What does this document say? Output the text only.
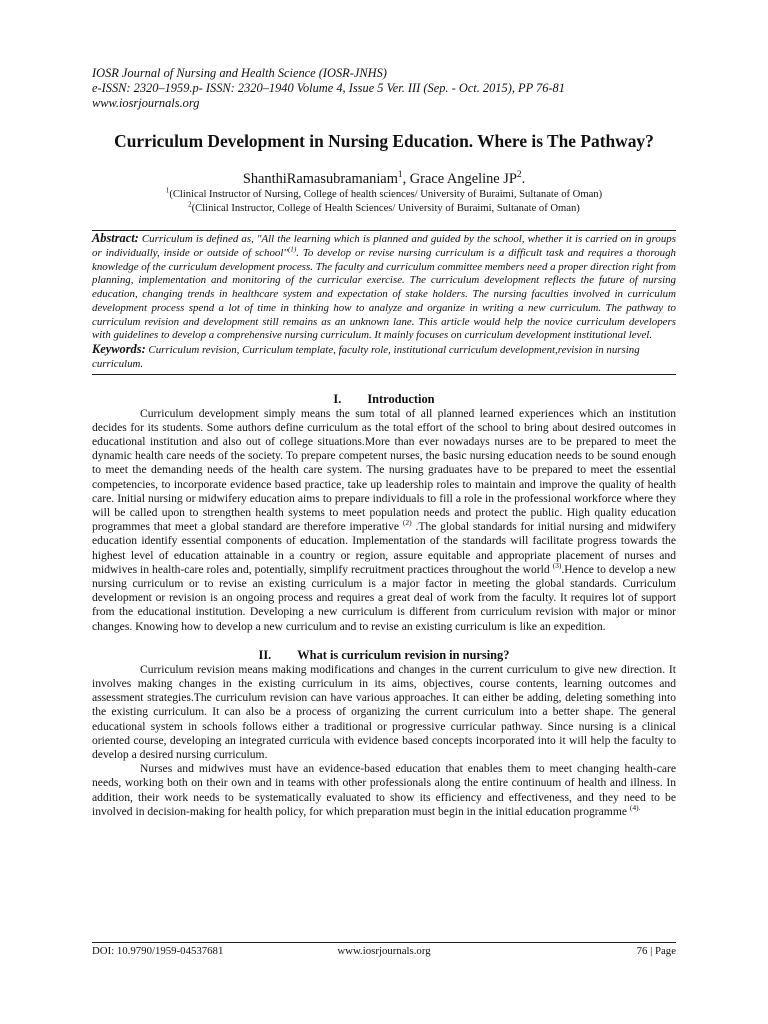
IOSR Journal of Nursing and Health Science (IOSR-JNHS)

e-ISSN: 2320–1959.p- ISSN: 2320–1940 Volume 4, Issue 5 Ver. III (Sep. - Oct. 2015), PP 76-81

www.iosrjournals.org

Curriculum Development in Nursing Education. Where is The Pathway?

ShanthiRamasubramaniam$^1$, Grace Angeline $JP^2$.

$^1$(Clinical Instructor of Nursing, College of health sciences/ University of Buraimi, Sultanate of Oman)

$^2$(Clinical Instructor, College of Health Sciences/ University of Buraimi, Sultanate of Oman)

Abstract: Curriculum is defined as, "All the learning which is planned and guided by the school, whether it is carried on in groups or individually, inside or outside of school"$^{(1)}$. To develop or revise nursing curriculum is a difficult task and requires a thorough knowledge of the curriculum development process. The faculty and curriculum committee members need a proper direction right from planning, implementation and monitoring of the curricular exercise. The curriculum development reflects the future of nursing education, changing trends in healthcare system and expectation of stake holders. The nursing faculties involved in curriculum development process spend a lot of time in thinking how to analyze and organize in writing a new curriculum. The pathway to curriculum revision and development still remains as an unknown lane. This article would help the novice curriculum developers with guidelines to develop a comprehensive nursing curriculum. It mainly focuses on curriculum development institutional level.

Keywords: Curriculum revision, Curriculum template, faculty role, institutional curriculum development,revision in nursing curriculum.

I. Introduction

Curriculum development simply means the sum total of all planned learned experiences which an institution decides for its students. Some authors define curriculum as the total effort of the school to bring about desired outcomes in educational institution and also out of college situations.More than ever nowadays nurses are to be prepared to meet the dynamic health care needs of the society. To prepare competent nurses, the basic nursing education needs to be sound enough to meet the demanding needs of the health care system. The nursing graduates have to be prepared to meet the essential competencies, to incorporate evidence based practice, take up leadership roles to maintain and improve the quality of health care. Initial nursing or midwifery education aims to prepare individuals to fill a role in the professional workforce where they will be called upon to strengthen health systems to meet population needs and protect the public. High quality education programmes that meet a global standard are therefore imperative $^{(2)}$ .The global standards for initial nursing and midwifery education identify essential components of education. Implementation of the standards will facilitate progress towards the highest level of education attainable in a country or region, assure equitable and appropriate placement of nurses and midwives in health-care roles and, potentially, simplify recruitment practices throughout the world $^{(3)}$.Hence to develop a new nursing curriculum or to revise an existing curriculum is a major factor in meeting the global standards. Curriculum development or revision is an ongoing process and requires a great deal of work from the faculty. It requires lot of support from the educational institution. Developing a new curriculum is different from curriculum revision with major or minor changes. Knowing how to develop a new curriculum and to revise an existing curriculum is like an expedition.

II. What is curriculum revision in nursing?

Curriculum revision means making modifications and changes in the current curriculum to give new direction. It involves making changes in the existing curriculum in its aims, objectives, course contents, learning outcomes and assessment strategies.The curriculum revision can have various approaches. It can either be adding, deleting something into the existing curriculum. It can also be a process of organizing the current curriculum into a better shape. The general educational system in schools follows either a traditional or progressive curricular pathway. Since nursing is a clinical oriented course, developing an integrated curricula with evidence based concepts incorporated into it will help the faculty to develop a desired nursing curriculum.

Nurses and midwives must have an evidence-based education that enables them to meet changing health-care needs, working both on their own and in teams with other professionals along the entire continuum of health and illness. In addition, their work needs to be systematically evaluated to show its efficiency and effectiveness, and they need to be involved in decision-making for health policy, for which preparation must begin in the initial education programme $^{(4).}$

DOI: 10.9790/1959-04537681	www.iosrjournals.org	76 | Page
